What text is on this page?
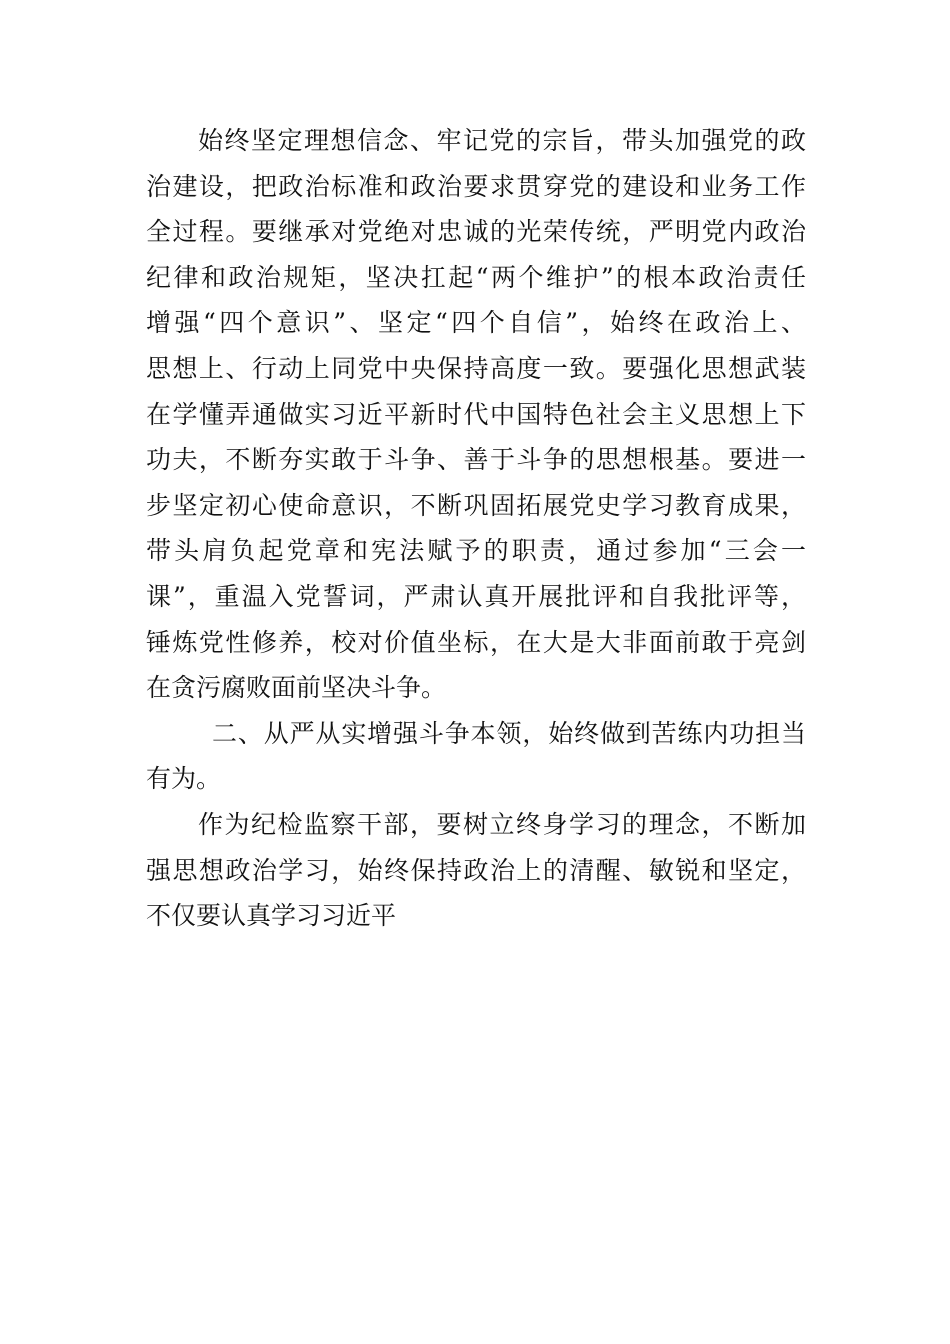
始终坚定理想信念、牢记党的宗旨，带头加强党的政
治建设，把政治标准和政治要求贯穿党的建设和业务工作
全过程。要继承对党绝对忠诚的光荣传统，严明党内政治
纪律和政治规矩，坚决扛起“两个维护”的根本政治责任
增强“四个意识”、坚定“四个自信”，始终在政治上、
思想上、行动上同党中央保持高度一致。要强化思想武装
在学懂弄通做实习近平新时代中国特色社会主义思想上下
功夫，不断夯实敢于斗争、善于斗争的思想根基。要进一
步坚定初心使命意识，不断巩固拓展党史学习教育成果，
带头肩负起党章和宪法赋予的职责，通过参加“三会一
课”，重温入党誓词，严肃认真开展批评和自我批评等，
锤炼党性修养，校对价值坐标，在大是大非面前敢于亮剑
在贪污腐败面前坚决斗争。
二、从严从实增强斗争本领，始终做到苦练内功担当
有为。
作为纪检监察干部，要树立终身学习的理念，不断加
强思想政治学习，始终保持政治上的清醒、敏锐和坚定，
不仅要认真学习习近平
